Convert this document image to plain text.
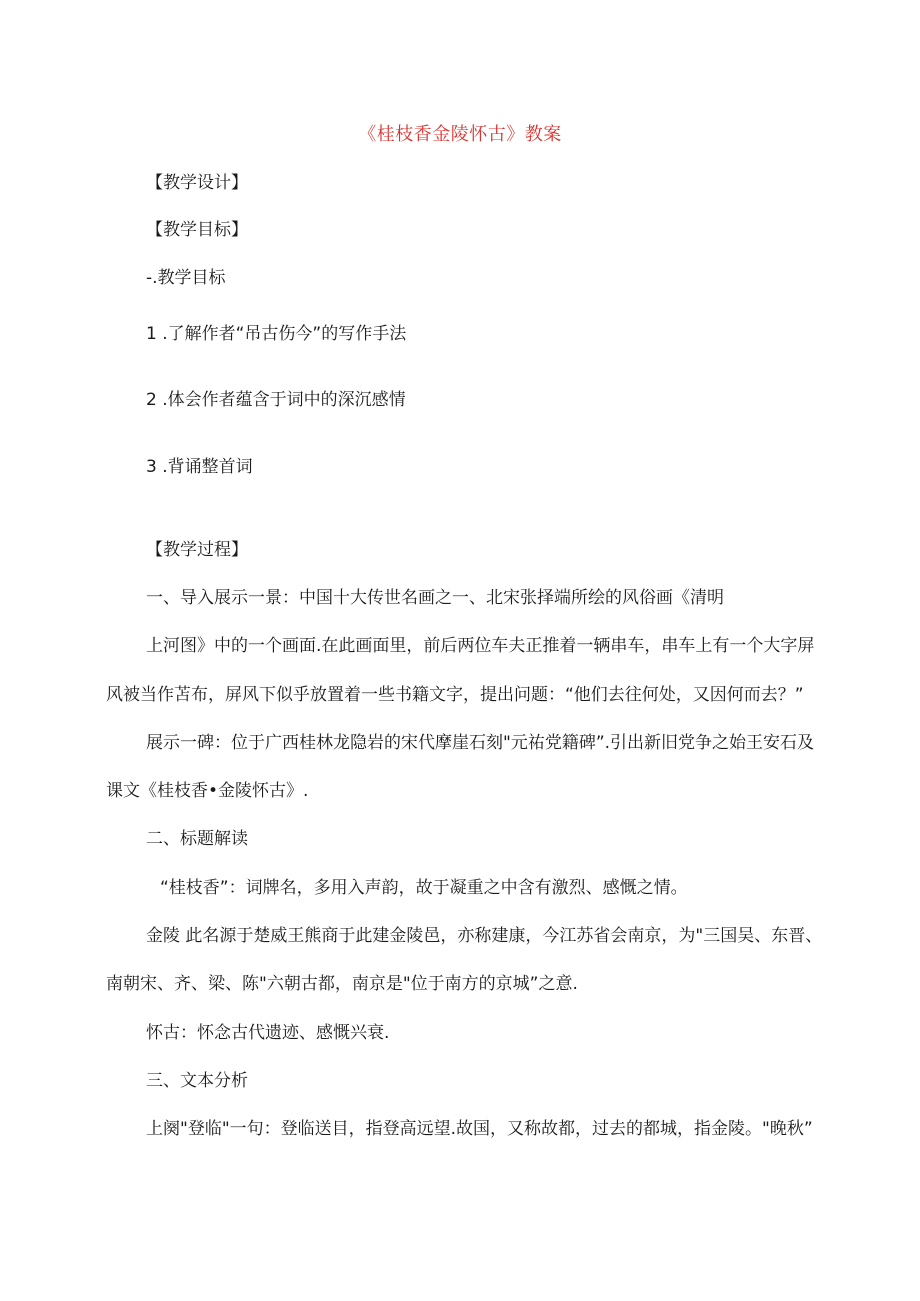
《桂枝香金陵怀古》教案
【教学设计】
【教学目标】
-.教学目标
1 .了解作者“吊古伤今”的写作手法
2 .体会作者蕴含于词中的深沉感情
3 .背诵整首词
【教学过程】
一、导入展示一景：中国十大传世名画之一、北宋张择端所绘的风俗画《清明
上河图》中的一个画面.在此画面里，前后两位车夫正推着一辆串车，串车上有一个大字屏
风被当作苫布，屏风下似乎放置着一些书籍文字，提出问题：“他们去往何处，又因何而去？”
展示一碑：位于广西桂林龙隐岩的宋代摩崖石刻"元祐党籍碑”.引出新旧党争之始王安石及
课文《桂枝香•金陵怀古》.
二、标题解读
“桂枝香”：词牌名，多用入声韵，故于凝重之中含有激烈、感慨之情。
金陵 此名源于楚威王熊商于此建金陵邑，亦称建康，今江苏省会南京，为"三国吴、东晋、
南朝宋、齐、梁、陈"六朝古都，南京是"位于南方的京城”之意.
怀古：怀念古代遗迹、感慨兴衰.
三、文本分析
上阕"登临"一句：登临送目，指登高远望.故国，又称故都，过去的都城，指金陵。"晚秋”
